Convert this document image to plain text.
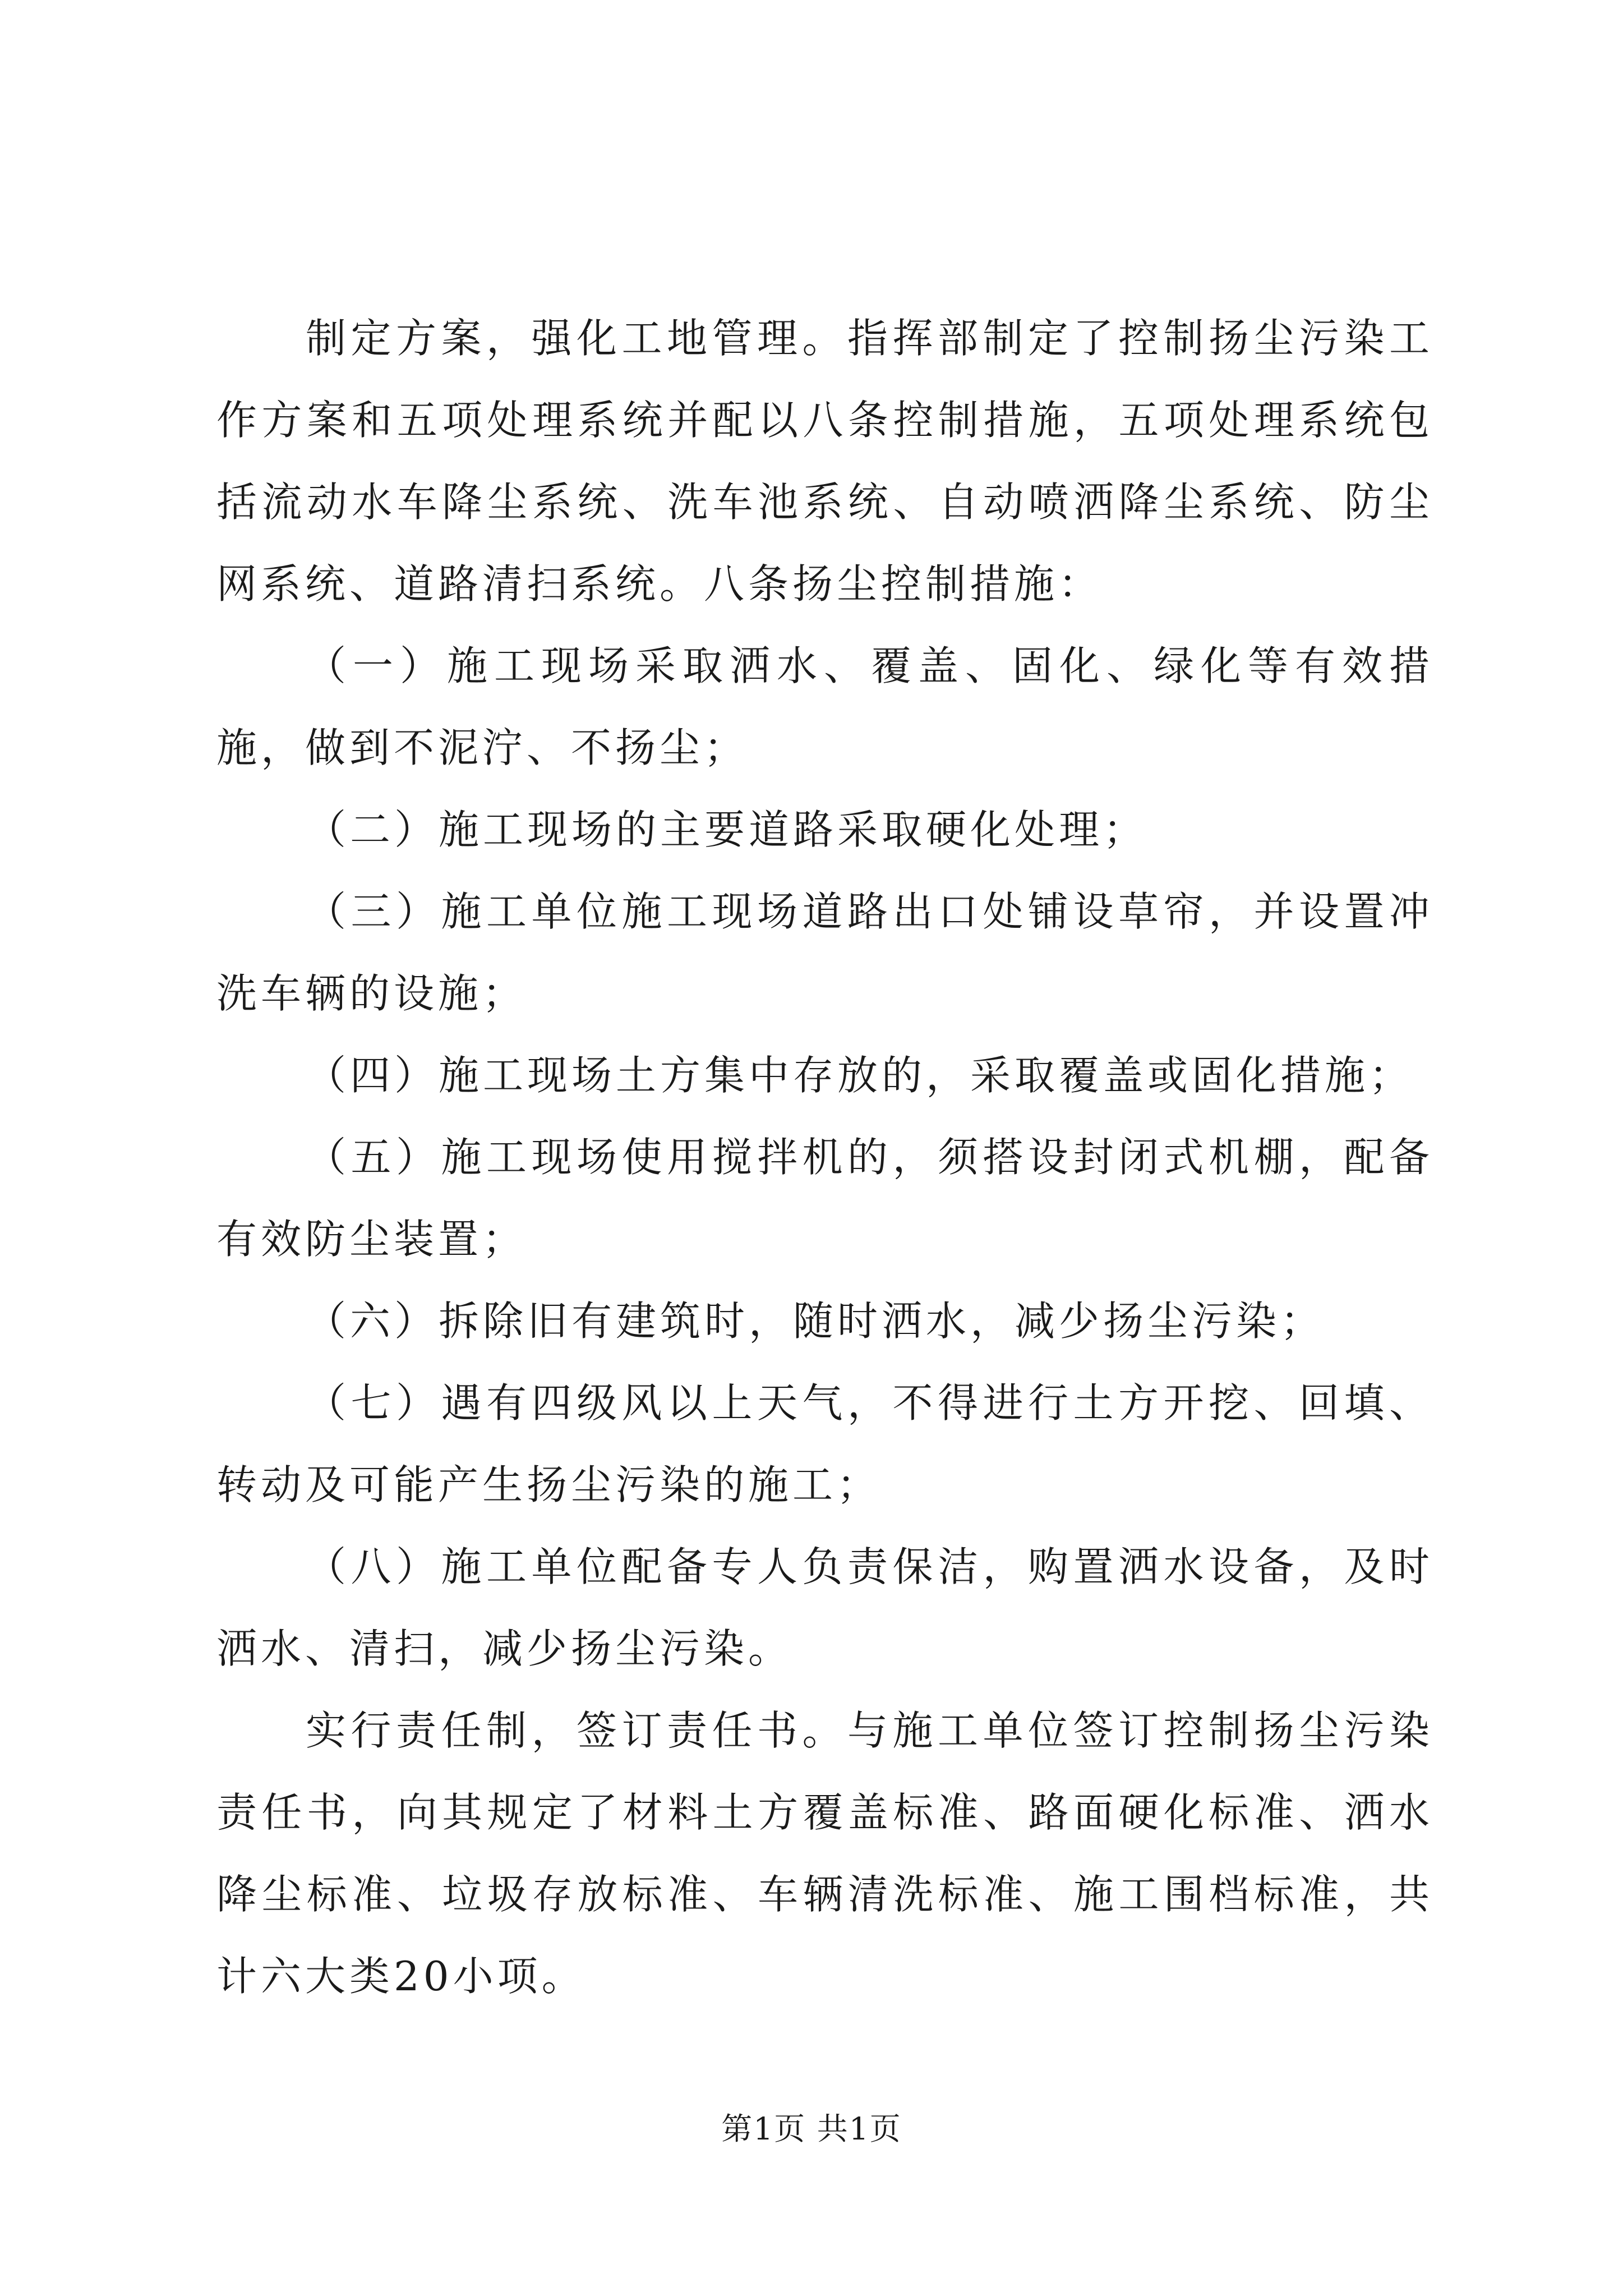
制定方案，强化工地管理。指挥部制定了控制扬尘污染工作方案和五项处理系统并配以八条控制措施，五项处理系统包括流动水车降尘系统、洗车池系统、自动喷洒降尘系统、防尘网系统、道路清扫系统。八条扬尘控制措施：

（一）施工现场采取洒水、覆盖、固化、绿化等有效措施，做到不泥泞、不扬尘；

（二）施工现场的主要道路采取硬化处理；

（三）施工单位施工现场道路出口处铺设草帘，并设置冲洗车辆的设施；

（四）施工现场土方集中存放的，采取覆盖或固化措施；

（五）施工现场使用搅拌机的，须搭设封闭式机棚，配备有效防尘装置；

（六）拆除旧有建筑时，随时洒水，减少扬尘污染；

（七）遇有四级风以上天气，不得进行土方开挖、回填、转动及可能产生扬尘污染的施工；

（八）施工单位配备专人负责保洁，购置洒水设备，及时洒水、清扫，减少扬尘污染。

实行责任制，签订责任书。与施工单位签订控制扬尘污染责任书，向其规定了材料土方覆盖标准、路面硬化标准、洒水降尘标准、垃圾存放标准、车辆清洗标准、施工围档标准，共计六大类20小项。

第1页 共1页
